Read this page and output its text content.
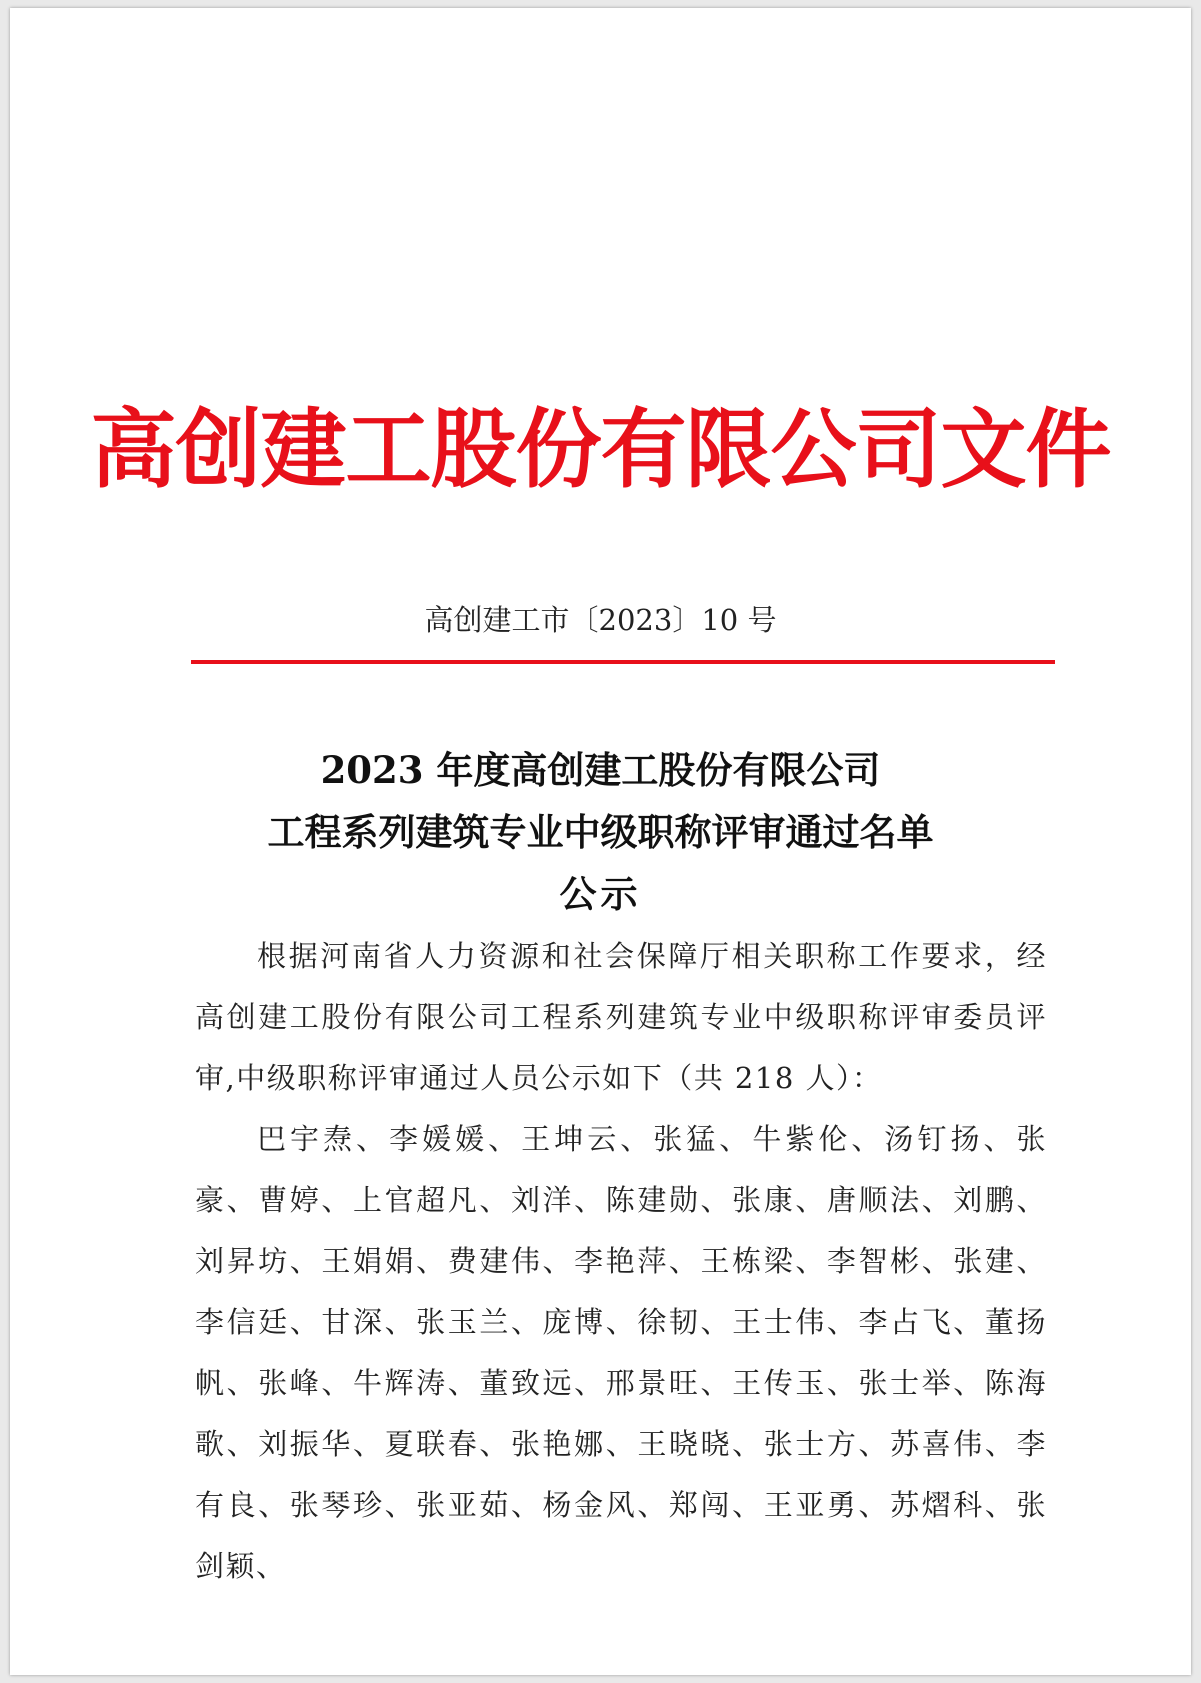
高创建工股份有限公司文件
高创建工市〔2023〕10 号
2023 年度高创建工股份有限公司
工程系列建筑专业中级职称评审通过名单
公示

根据河南省人力资源和社会保障厅相关职称工作要求，经高创建工股份有限公司工程系列建筑专业中级职称评审委员评审,中级职称评审通过人员公示如下（共 218 人）：

巴宇焘、李媛媛、王坤云、张猛、牛紫伦、汤钉扬、张豪、曹婷、上官超凡、刘洋、陈建勋、张康、唐顺法、刘鹏、刘昇坊、王娟娟、费建伟、李艳萍、王栋梁、李智彬、张建、李信廷、甘深、张玉兰、庞博、徐韧、王士伟、李占飞、董扬帆、张峰、牛辉涛、董致远、邢景旺、王传玉、张士举、陈海歌、刘振华、夏联春、张艳娜、王晓晓、张士方、苏喜伟、李有良、张琴珍、张亚茹、杨金风、郑闯、王亚勇、苏熠科、张剑颖、
